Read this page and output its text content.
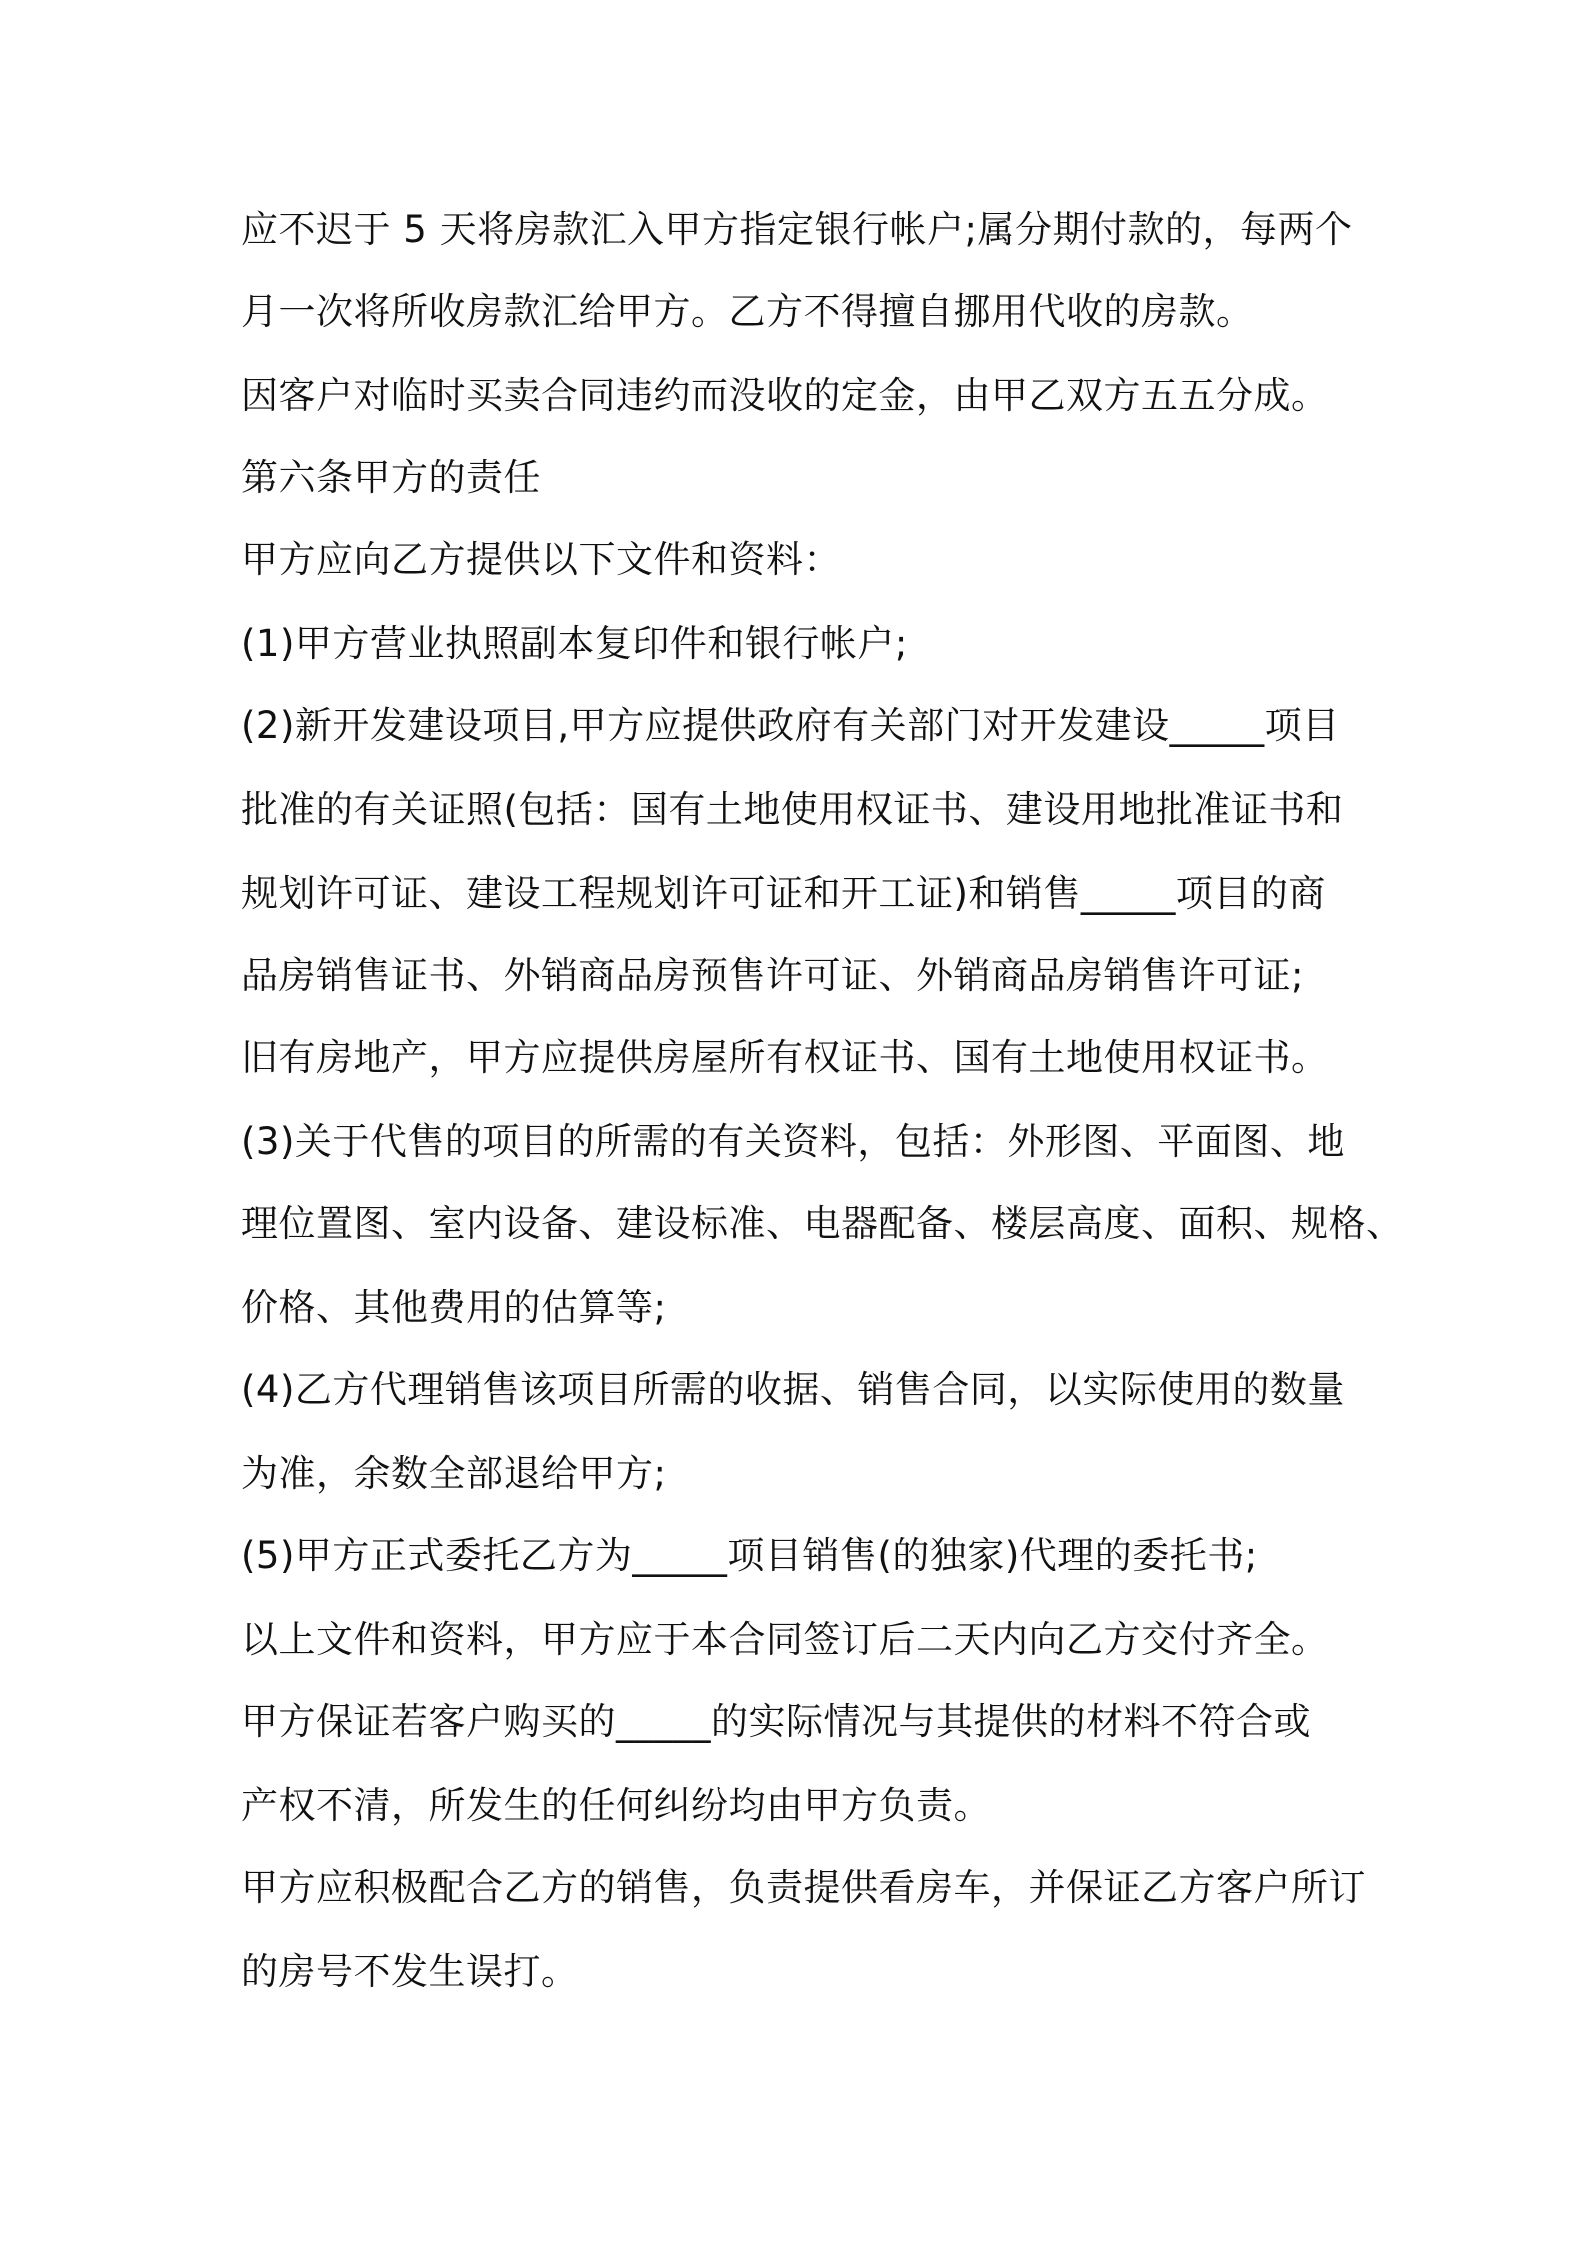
应不迟于 5 天将房款汇入甲方指定银行帐户;属分期付款的，每两个
月一次将所收房款汇给甲方。乙方不得擅自挪用代收的房款。
因客户对临时买卖合同违约而没收的定金，由甲乙双方五五分成。
第六条甲方的责任
甲方应向乙方提供以下文件和资料：
(1)甲方营业执照副本复印件和银行帐户;
(2)新开发建设项目,甲方应提供政府有关部门对开发建设_____项目
批准的有关证照(包括：国有土地使用权证书、建设用地批准证书和
规划许可证、建设工程规划许可证和开工证)和销售_____项目的商
品房销售证书、外销商品房预售许可证、外销商品房销售许可证;
旧有房地产，甲方应提供房屋所有权证书、国有土地使用权证书。
(3)关于代售的项目的所需的有关资料，包括：外形图、平面图、地
理位置图、室内设备、建设标准、电器配备、楼层高度、面积、规格、
价格、其他费用的估算等;
(4)乙方代理销售该项目所需的收据、销售合同，以实际使用的数量
为准，余数全部退给甲方;
(5)甲方正式委托乙方为_____项目销售(的独家)代理的委托书;
以上文件和资料，甲方应于本合同签订后二天内向乙方交付齐全。
甲方保证若客户购买的_____的实际情况与其提供的材料不符合或
产权不清，所发生的任何纠纷均由甲方负责。
甲方应积极配合乙方的销售，负责提供看房车，并保证乙方客户所订
的房号不发生误打。
